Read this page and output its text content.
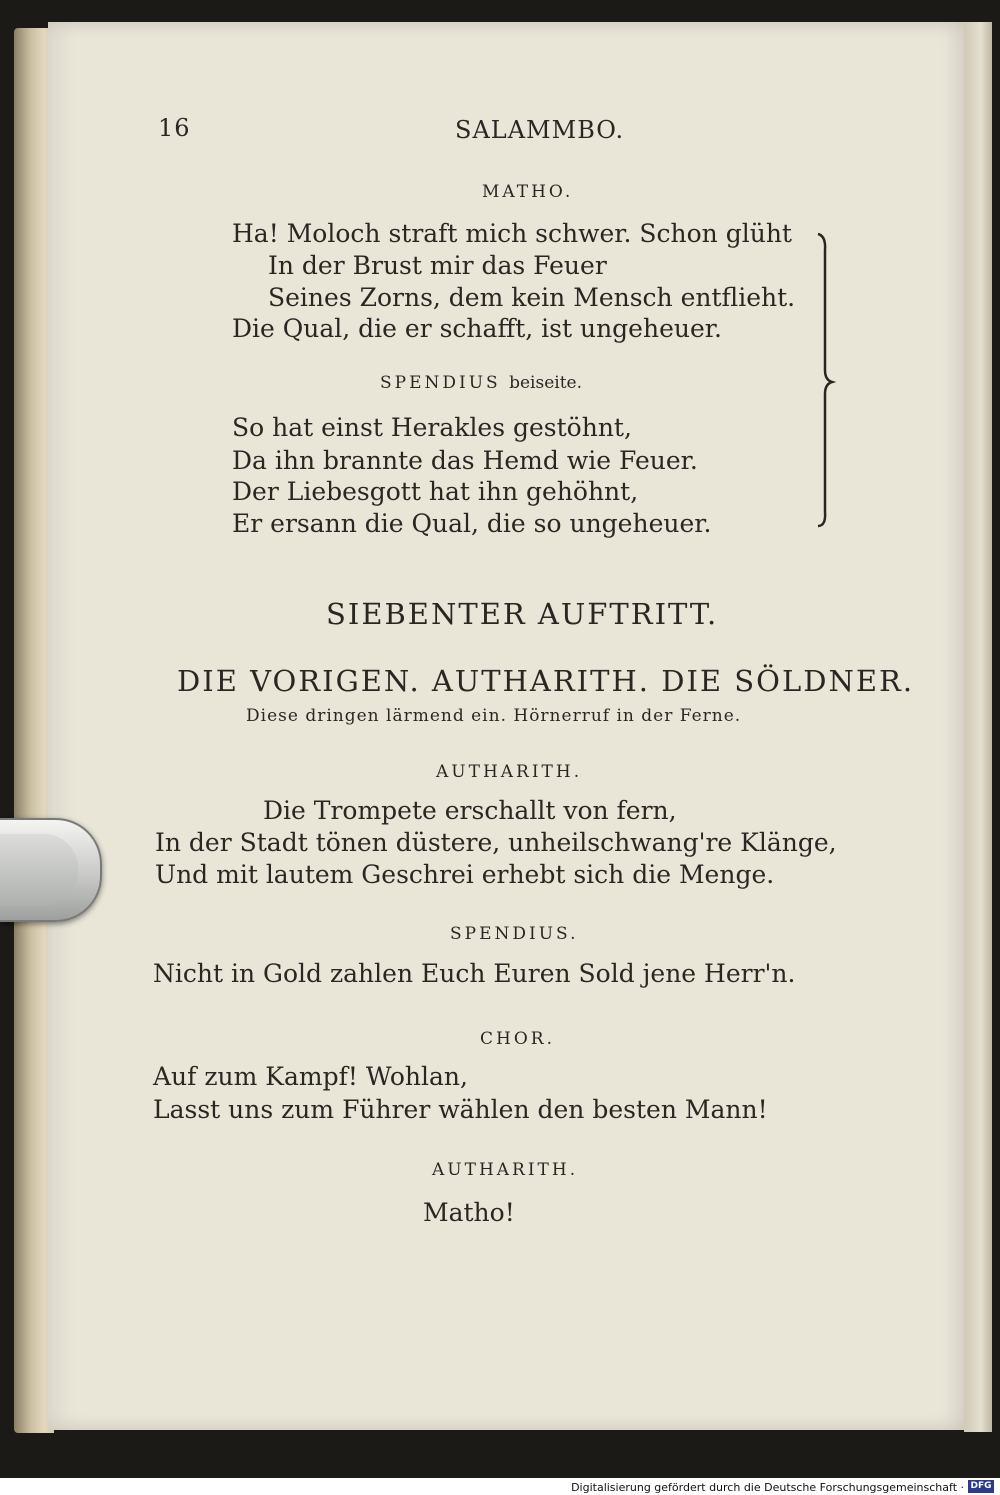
16	SALAMMBO.
MATHO.
Ha! Moloch straft mich schwer. Schon glüht
In der Brust mir das Feuer
Seines Zorns, dem kein Mensch entflieht.
Die Qual, die er schafft, ist ungeheuer.
SPENDIUS beiseite.
So hat einst Herakles gestöhnt,
Da ihn brannte das Hemd wie Feuer.
Der Liebesgott hat ihn gehöhnt,
Er ersann die Qual, die so ungeheuer.
SIEBENTER AUFTRITT.
DIE VORIGEN. AUTHARITH. DIE SÖLDNER.
Diese dringen lärmend ein. Hörnerruf in der Ferne.
AUTHARITH.
Die Trompete erschallt von fern,
In der Stadt tönen düstere, unheilschwang're Klänge,
Und mit lautem Geschrei erhebt sich die Menge.
SPENDIUS.
Nicht in Gold zahlen Euch Euren Sold jene Herr'n.
CHOR.
Auf zum Kampf! Wohlan,
Lasst uns zum Führer wählen den besten Mann!
AUTHARITH.
Matho!
Digitalisierung gefördert durch die Deutsche Forschungsgemeinschaft · DFG
